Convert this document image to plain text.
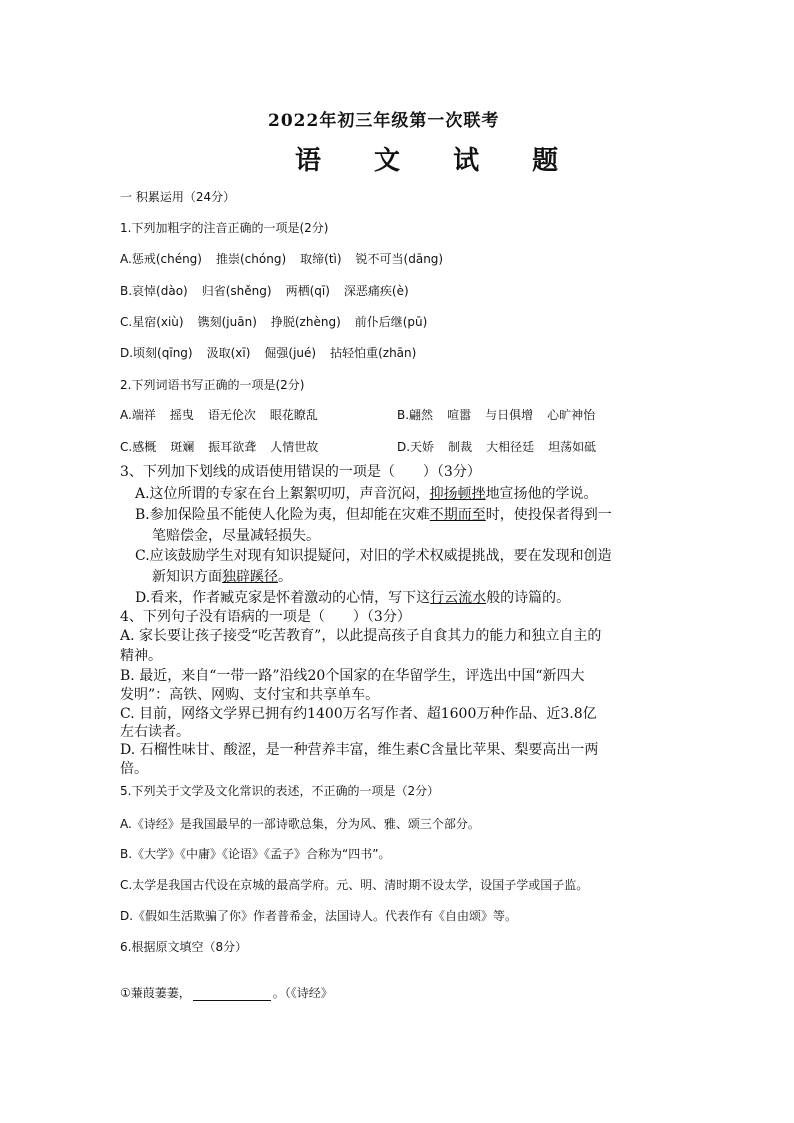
2022年初三年级第一次联考
语 文 试 题
一 积累运用（24分）
1.下列加粗字的注音正确的一项是(2分)
A.惩戒(chéng) 推崇(chóng) 取缔(tì) 锐不可当(dāng)
B.哀悼(dào) 归省(shěng) 两栖(qī) 深恶痛疾(è)
C.星宿(xiù) 镌刻(juān) 挣脱(zhèng) 前仆后继(pū)
D.顷刻(qīng) 汲取(xī) 倔强(jué) 拈轻怕重(zhān)
2.下列词语书写正确的一项是(2分)
A.端祥 摇曳 语无伦次 眼花瞭乱	B.翩然 喧嚣 与日俱增 心旷神怡
C.感概 斑斓 振耳欲聋 人情世故	D.天娇 制裁 大相径廷 坦荡如砥
3、下列加下划线的成语使用错误的一项是（　　）（3分）
A.这位所谓的专家在台上絮絮叨叨，声音沉闷，抑扬顿挫地宣扬他的学说。
B.参加保险虽不能使人化险为夷，但却能在灾难不期而至时，使投保者得到一
笔赔偿金，尽量减轻损失。
C.应该鼓励学生对现有知识提疑问，对旧的学术权威提挑战，要在发现和创造
新知识方面独辟蹊径。
D.看来，作者臧克家是怀着激动的心情，写下这行云流水般的诗篇的。
4、下列句子没有语病的一项是（　　）（3分）
A. 家长要让孩子接受“吃苦教育”，以此提高孩子自食其力的能力和独立自主的
精神。
B. 最近，来自“一带一路”沿线20个国家的在华留学生，评选出中国“新四大
发明”：高铁、网购、支付宝和共享单车。
C. 目前，网络文学界已拥有约1400万名写作者、超1600万种作品、近3.8亿
左右读者。
D. 石榴性味甘、酸涩，是一种营养丰富，维生素C含量比苹果、梨要高出一两
倍。
5.下列关于文学及文化常识的表述，不正确的一项是（2分）
A.《诗经》是我国最早的一部诗歌总集，分为风、雅、颂三个部分。
B.《大学》《中庸》《论语》《孟子》合称为“四书”。
C.太学是我国古代设在京城的最高学府。元、明、清时期不设太学，设国子学或国子监。
D.《假如生活欺骗了你》作者普希金，法国诗人。代表作有《自由颂》等。
6.根据原文填空（8分）
①蒹葭萋萋，	。（《诗经》
